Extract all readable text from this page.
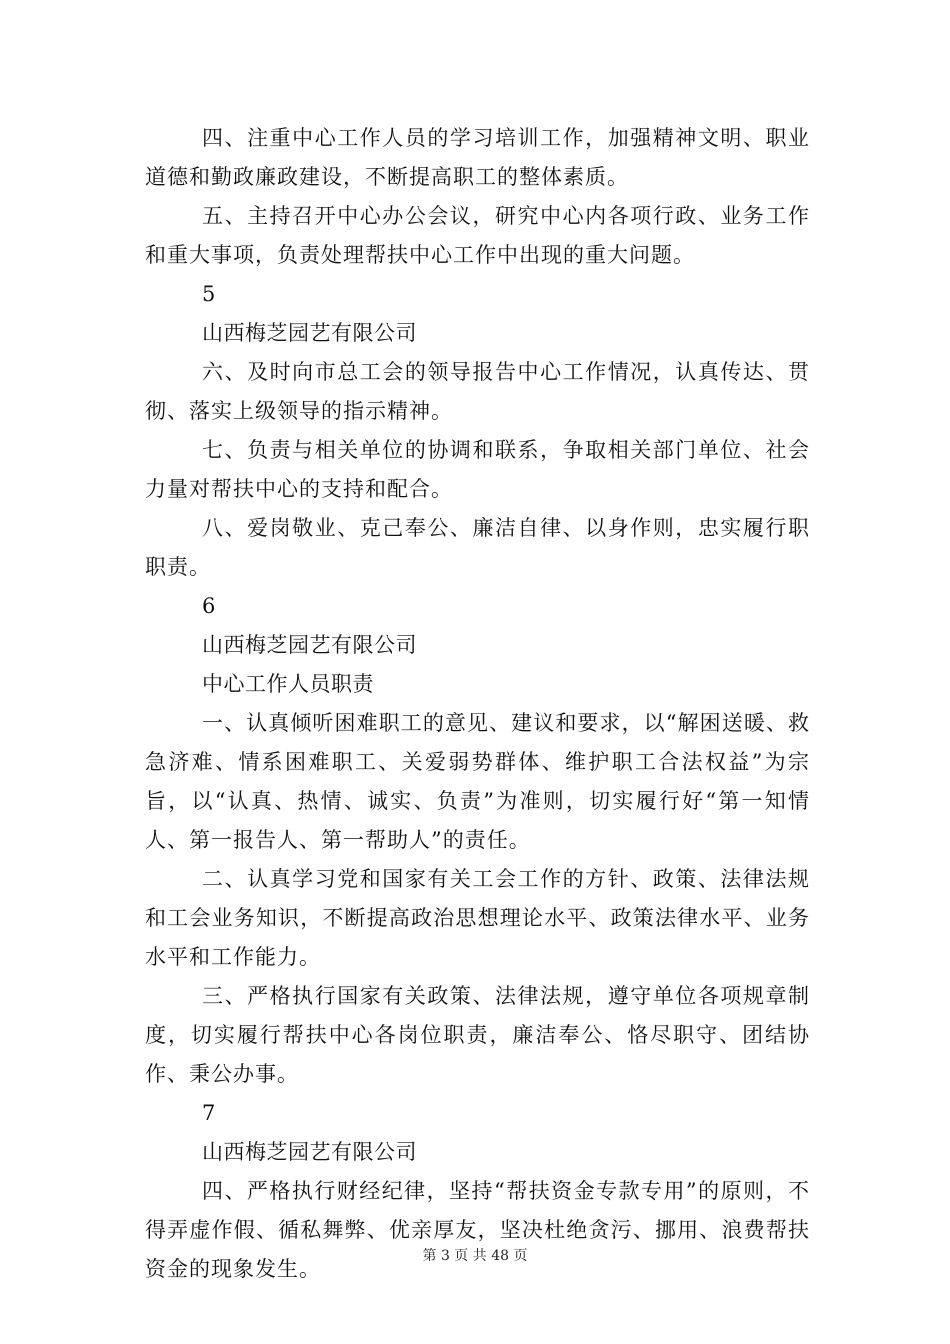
四、注重中心工作人员的学习培训工作，加强精神文明、职业道德和勤政廉政建设，不断提高职工的整体素质。

五、主持召开中心办公会议，研究中心内各项行政、业务工作和重大事项，负责处理帮扶中心工作中出现的重大问题。

5

山西梅芝园艺有限公司

六、及时向市总工会的领导报告中心工作情况，认真传达、贯彻、落实上级领导的指示精神。

七、负责与相关单位的协调和联系，争取相关部门单位、社会力量对帮扶中心的支持和配合。

八、爱岗敬业、克己奉公、廉洁自律、以身作则，忠实履行职职责。

6

山西梅芝园艺有限公司

中心工作人员职责

一、认真倾听困难职工的意见、建议和要求，以“解困送暖、救急济难、情系困难职工、关爱弱势群体、维护职工合法权益”为宗旨，以“认真、热情、诚实、负责”为准则，切实履行好“第一知情人、第一报告人、第一帮助人”的责任。

二、认真学习党和国家有关工会工作的方针、政策、法律法规和工会业务知识，不断提高政治思想理论水平、政策法律水平、业务水平和工作能力。

三、严格执行国家有关政策、法律法规，遵守单位各项规章制度，切实履行帮扶中心各岗位职责，廉洁奉公、恪尽职守、团结协作、秉公办事。

7

山西梅芝园艺有限公司

四、严格执行财经纪律，坚持“帮扶资金专款专用”的原则，不得弄虚作假、循私舞弊、优亲厚友，坚决杜绝贪污、挪用、浪费帮扶资金的现象发生。

第 3 页 共 48 页
